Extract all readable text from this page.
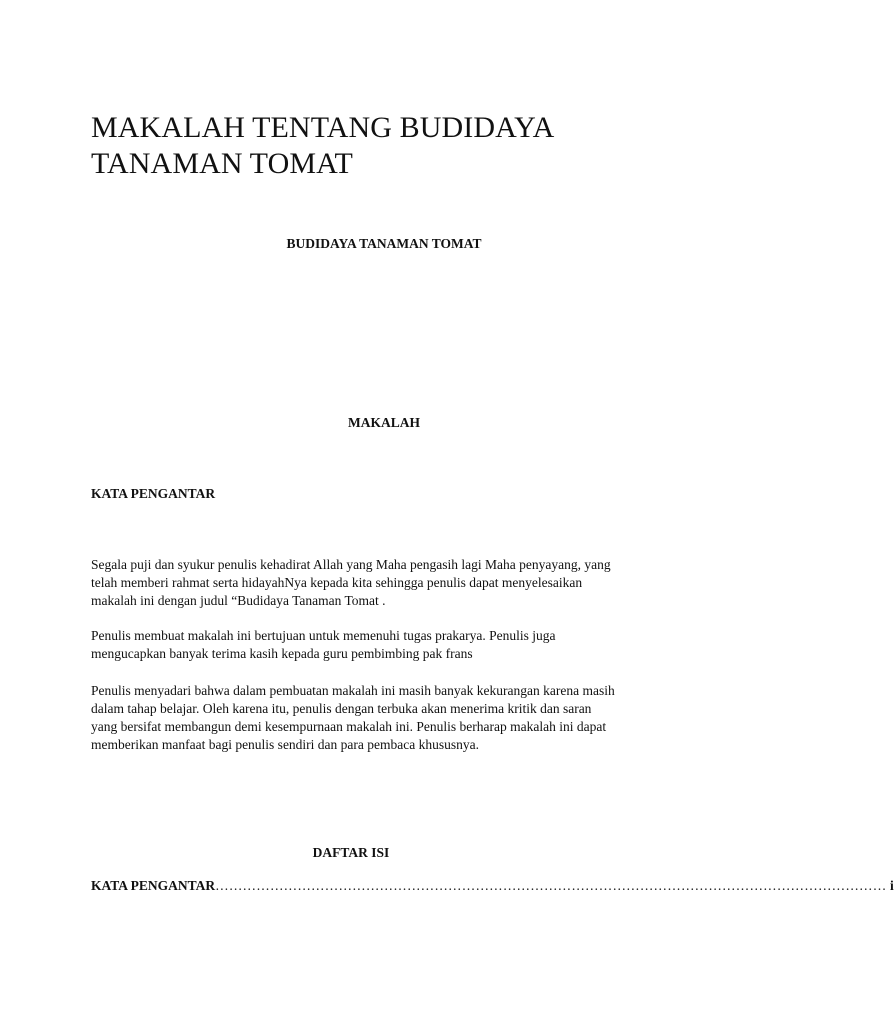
MAKALAH TENTANG BUDIDAYA
TANAMAN TOMAT

BUDIDAYA TANAMAN TOMAT

MAKALAH

KATA PENGANTAR

Segala puji dan syukur penulis kehadirat Allah yang Maha pengasih lagi Maha penyayang, yang
telah memberi rahmat serta hidayahNya kepada kita sehingga penulis dapat menyelesaikan
makalah ini dengan judul “Budidaya Tanaman Tomat .

Penulis membuat makalah ini bertujuan untuk memenuhi tugas prakarya. Penulis juga
mengucapkan banyak terima kasih kepada guru pembimbing pak frans

Penulis menyadari bahwa dalam pembuatan makalah ini masih banyak kekurangan karena masih
dalam tahap belajar. Oleh karena itu, penulis dengan terbuka akan menerima kritik dan saran
yang bersifat membangun demi kesempurnaan makalah ini. Penulis berharap makalah ini dapat
memberikan manfaat bagi penulis sendiri dan para pembaca khususnya.

DAFTAR ISI

KATA PENGANTAR………………………………………………………………………………………………………………………………… i
